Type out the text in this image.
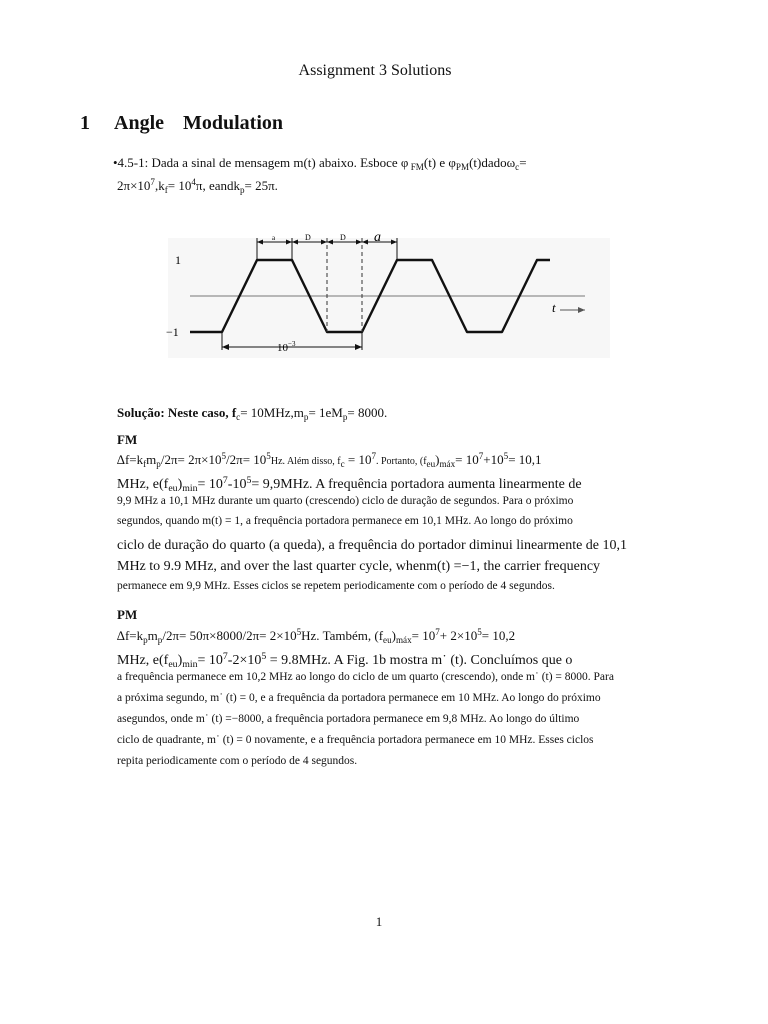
Assignment 3 Solutions
1 Angle Modulation
•4.5-1: Dada a sinal de mensagem m(t) abaixo. Esboce φ $_{FM}$(t) e $\varphi_{PM}(t)dado\omega_c=$
$2\pi\times 10^7,k_f= 10^4\pi$, eandk$_p$= 25π.
1
−1
t
a	D	D a
$10^{-3}$
Solução: Neste caso, $f_c= 10MHz,m_p= 1eM_p= 8000$.
FM
$\Delta f=k_fm_p/2\pi= 2\pi\times 10^5/2\pi= 10^5Hz$. Além disso, $f_c = 10^7$. Portanto, $(f_{eu})_{máx}= 10^7+10^5= 10,1$
MHz, $e(f_{eu})_{min}= 10^7-10^5= 9,9MHz$. A frequência portadora aumenta linearmente de
9,9 MHz a 10,1 MHz durante um quarto (crescendo) ciclo de duração de segundos. Para o próximo
segundos, quando m(t) = 1, a frequência portadora permanece em 10,1 MHz. Ao longo do próximo
ciclo de duração do quarto (a queda), a frequência do portador diminui linearmente de 10,1
MHz to 9.9 MHz, and over the last quarter cycle, whenm(t) =−1, the carrier frequency
permanece em 9,9 MHz. Esses ciclos se repetem periodicamente com o período de 4 segundos.
PM
$\Delta f=k_pm_p/2\pi= 50\pi\times 8000/2\pi= 2\times 10^5Hz$. Também, $(f_{eu})_{máx}= 10^7+ 2\times 10^5= 10,2$
MHz, $e(f_{eu})_{min}= 10^7-2\times 10^5 = 9.8MHz$. A Fig. 1b mostra m˙ (t). Concluímos que o
a frequência permanece em 10,2 MHz ao longo do ciclo de um quarto (crescendo), onde m˙ (t) = 8000. Para
a próxima segundo, m˙ (t) = 0, e a frequência da portadora permanece em 10 MHz. Ao longo do próximo
asegundos, onde m˙ (t) =−8000, a frequência portadora permanece em 9,8 MHz. Ao longo do último
ciclo de quadrante, m˙ (t) = 0 novamente, e a frequência portadora permanece em 10 MHz. Esses ciclos
repita periodicamente com o período de 4 segundos.
1
